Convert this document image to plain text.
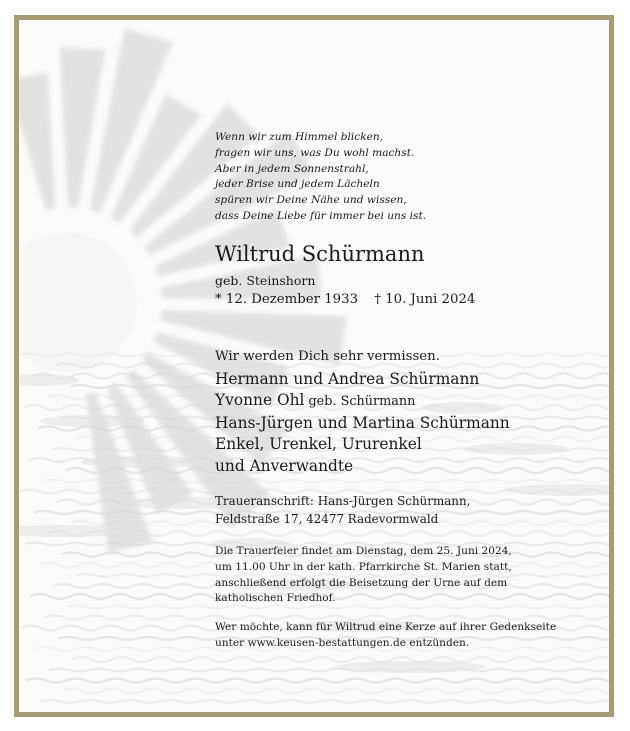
Wenn wir zum Himmel blicken,
fragen wir uns, was Du wohl machst.
Aber in jedem Sonnenstrahl,
jeder Brise und jedem Lächeln
spüren wir Deine Nähe und wissen,
dass Deine Liebe für immer bei uns ist.
Wiltrud Schürmann
geb. Steinshorn
* 12. Dezember 1933 † 10. Juni 2024
Wir werden Dich sehr vermissen.
Hermann und Andrea Schürmann
Yvonne Ohl geb. Schürmann
Hans-Jürgen und Martina Schürmann
Enkel, Urenkel, Ururenkel
und Anverwandte
Traueranschrift: Hans-Jürgen Schürmann,
Feldstraße 17, 42477 Radevormwald
Die Trauerfeier findet am Dienstag, dem 25. Juni 2024,
um 11.00 Uhr in der kath. Pfarrkirche St. Marien statt,
anschließend erfolgt die Beisetzung der Urne auf dem
katholischen Friedhof.
Wer möchte, kann für Wiltrud eine Kerze auf ihrer Gedenkseite
unter www.keusen-bestattungen.de entzünden.
